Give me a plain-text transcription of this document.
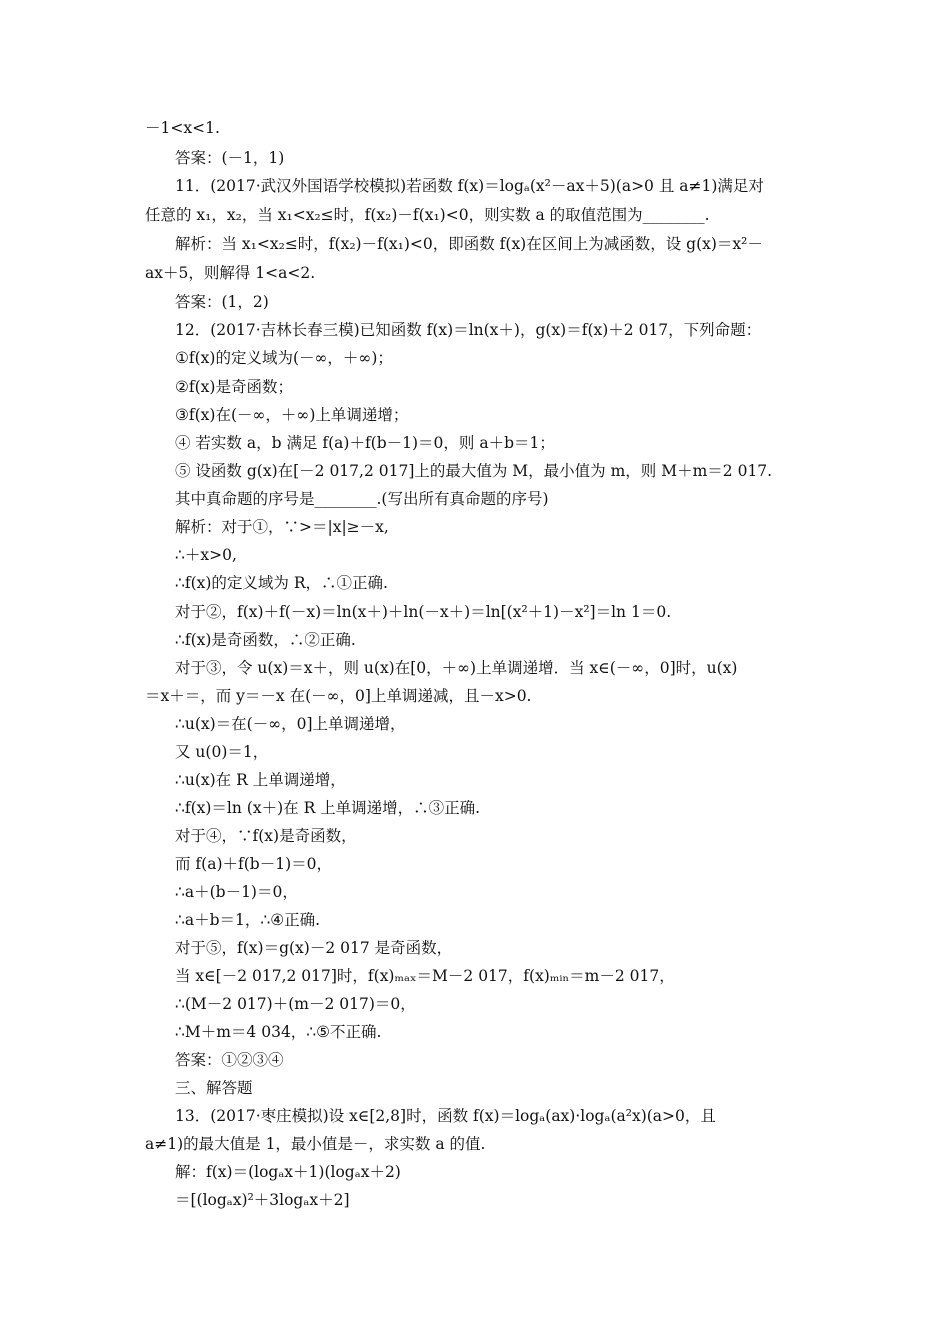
－1<x<1.
答案：(－1，1)
11．(2017·武汉外国语学校模拟)若函数 f(x)＝logₐ(x²－ax＋5)(a>0 且 a≠1)满足对
任意的 x₁，x₂，当 x₁<x₂≤时，f(x₂)－f(x₁)<0，则实数 a 的取值范围为________.
解析：当 x₁<x₂≤时，f(x₂)－f(x₁)<0，即函数 f(x)在区间上为减函数，设 g(x)＝x²－
ax＋5，则解得 1<a<2.
答案：(1，2)
12．(2017·吉林长春三模)已知函数 f(x)＝ln(x＋)，g(x)＝f(x)＋2 017，下列命题：
①f(x)的定义域为(－∞，＋∞)；
②f(x)是奇函数；
③f(x)在(－∞，＋∞)上单调递增；
④ 若实数 a，b 满足 f(a)＋f(b－1)＝0，则 a＋b＝1；
⑤ 设函数 g(x)在[－2 017,2 017]上的最大值为 M，最小值为 m，则 M＋m＝2 017.
其中真命题的序号是________.(写出所有真命题的序号)
解析：对于①，∵>＝|x|≥－x,
∴＋x>0,
∴f(x)的定义域为 R，∴①正确.
对于②，f(x)＋f(－x)＝ln(x＋)＋ln(－x＋)＝ln[(x²＋1)－x²]＝ln 1＝0.
∴f(x)是奇函数，∴②正确.
对于③，令 u(x)＝x＋，则 u(x)在[0，＋∞)上单调递增．当 x∈(－∞，0]时，u(x)
＝x＋＝，而 y＝－x 在(－∞，0]上单调递减，且－x>0.
∴u(x)＝在(－∞，0]上单调递增，
又 u(0)＝1，
∴u(x)在 R 上单调递增，
∴f(x)＝ln (x＋)在 R 上单调递增，∴③正确.
对于④，∵f(x)是奇函数，
而 f(a)＋f(b－1)＝0，
∴a＋(b－1)＝0，
∴a＋b＝1，∴④正确.
对于⑤，f(x)＝g(x)－2 017 是奇函数，
当 x∈[－2 017,2 017]时，f(x)ₘₐₓ＝M－2 017，f(x)ₘᵢₙ＝m－2 017，
∴(M－2 017)＋(m－2 017)＝0，
∴M＋m＝4 034，∴⑤不正确.
答案：①②③④
三、解答题
13．(2017·枣庄模拟)设 x∈[2,8]时，函数 f(x)＝logₐ(ax)·logₐ(a²x)(a>0，且
a≠1)的最大值是 1，最小值是－，求实数 a 的值.
解：f(x)＝(logₐx＋1)(logₐx＋2)
＝[(logₐx)²＋3logₐx＋2]
